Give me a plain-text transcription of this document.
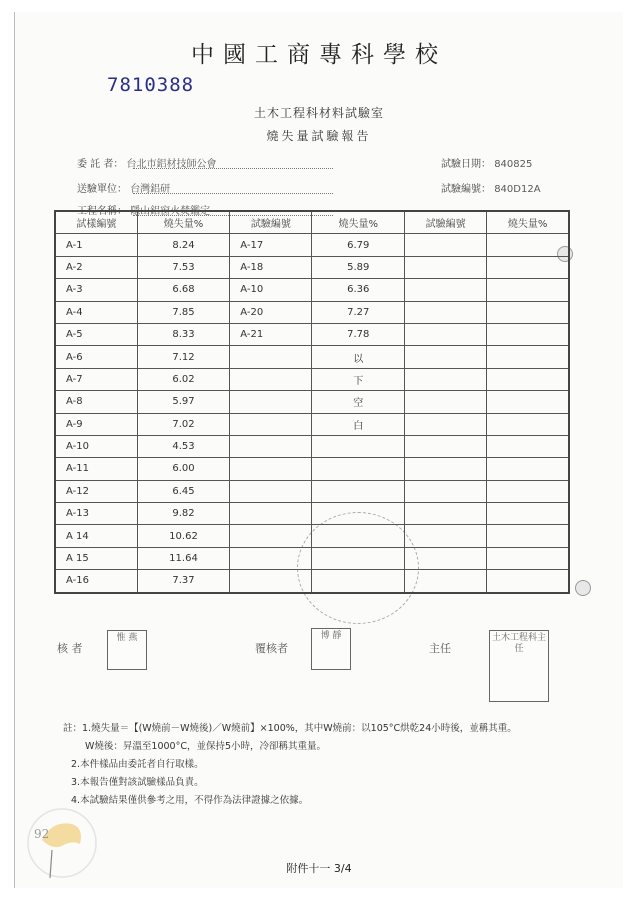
中國工商專科學校
7810388
土木工程科材料試驗室
燒失量試驗報告
委 託 者： 台北市鋁材技師公會
送驗單位： 台灣鋁研
工程名稱： 隱山鋁窗火焚鑑定
試驗日期： 840825
試驗編號： 840D12A
核 者
惟 燕
覆核者
博 靜
主任
土木工程科主任
註：1.燒失量＝【(W燒前－W燒後)／W燒前】×100%，其中W燒前：以105°C烘乾24小時後，並稱其重。
W燒後：昇溫至1000°C，並保持5小時，冷卻稱其重量。
2.本件樣品由委託者自行取樣。
3.本報告僅對該試驗樣品負責。
4.本試驗結果僅供參考之用，不得作為法律證據之依據。
附件十一 3/4
試樣編號	燒失量%	試驗編號	燒失量%	試驗編號	燒失量%
A-1	8.24	A-17	6.79		
A-2	7.53	A-18	5.89		
A-3	6.68	A-10	6.36		
A-4	7.85	A-20	7.27		
A-5	8.33	A-21	7.78		
A-6	7.12		以		
A-7	6.02		下		
A-8	5.97		空		
A-9	7.02		白		
A-10	4.53				
A-11	6.00				
A-12	6.45				
A-13	9.82				
A 14	10.62				
A 15	11.64				
A-16	7.37				
92
